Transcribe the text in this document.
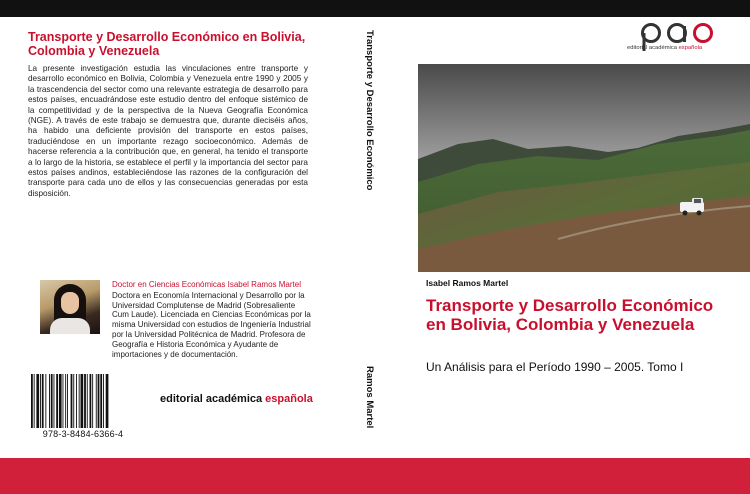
Transporte y Desarrollo Económico en Bolivia, Colombia y Venezuela

La presente investigación estudia las vinculaciones entre transporte y desarrollo económico en Bolivia, Colombia y Venezuela entre 1990 y 2005 y la trascendencia del sector como una relevante estrategia de desarrollo para estos países, encuadrándose este estudio dentro del enfoque sistémico de la competitividad y de la perspectiva de la Nueva Geografía Económica (NGE). A través de este trabajo se demuestra que, durante dieciséis años, ha habido una deficiente provisión del transporte en estos países, traduciéndose en un importante rezago socioeconómico. Además de hacerse referencia a la contribución que, en general, ha tenido el transporte a lo largo de la historia, se establece el perfil y la importancia del sector para estos países andinos, estableciéndose las razones de la configuración del transporte para cada uno de ellos y las consecuencias generadas por esta disposición.

Doctor en Ciencias Económicas Isabel Ramos Martel
Doctora en Economía Internacional y Desarrollo por la Universidad Complutense de Madrid (Sobresaliente Cum Laude). Licenciada en Ciencias Económicas por la misma Universidad con estudios de Ingeniería Industrial por la Universidad Politécnica de Madrid. Profesora de Geografía e Historia Económica y Ayudante de importaciones y de documentación.
978-3-8484-6366-4
editorial académica española
Transporte y Desarrollo Económico
Ramos Martel
editorial académica española
Isabel Ramos Martel
Transporte y Desarrollo Económico en Bolivia, Colombia y Venezuela

Un Análisis para el Período 1990 – 2005. Tomo I
